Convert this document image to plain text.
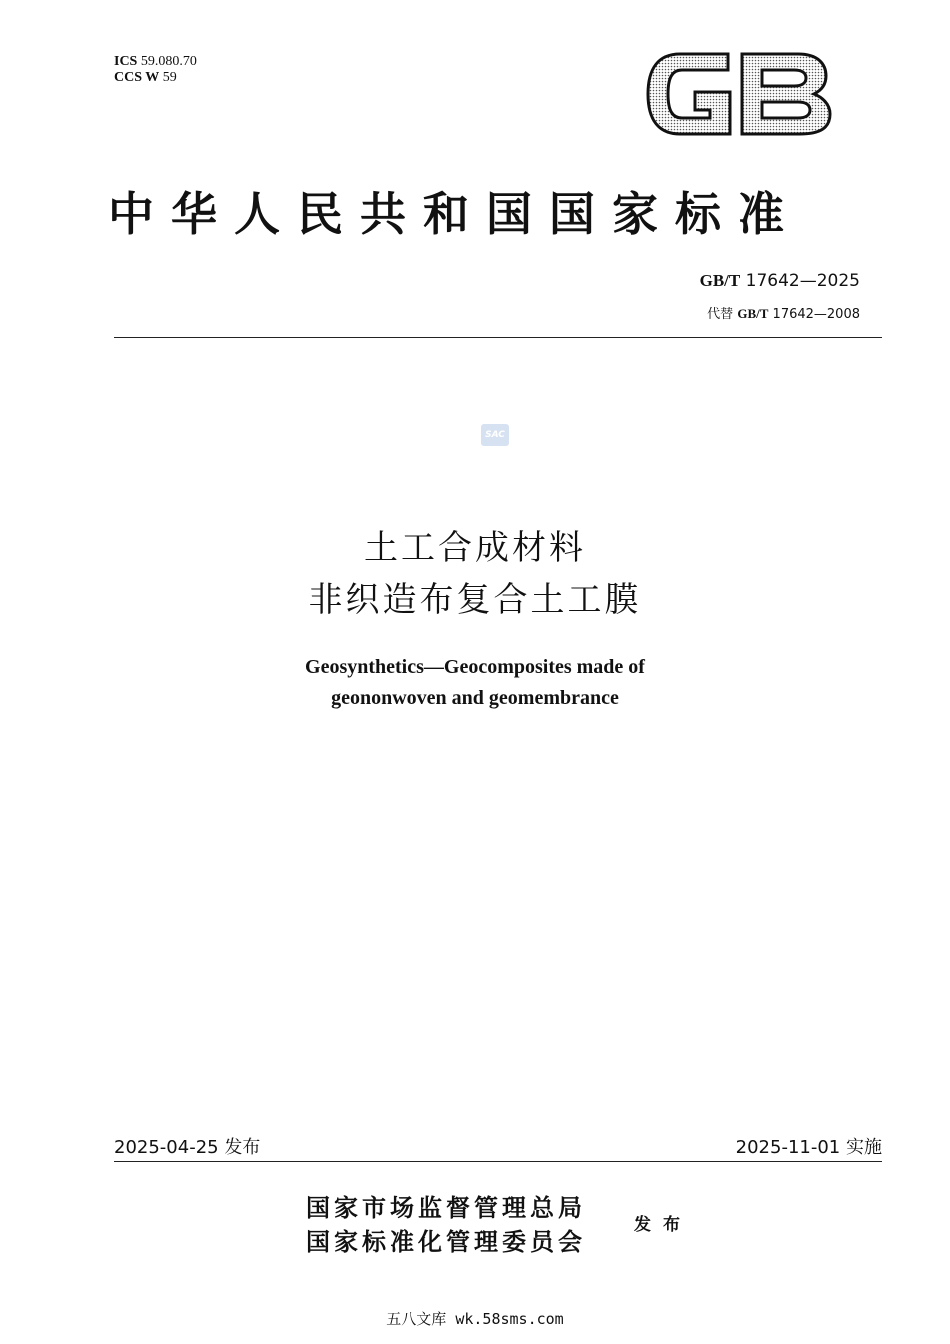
ICS 59.080.70
CCS W 59
GB
中华人民共和国国家标准
GB/T 17642—2025
代替 GB/T 17642—2008
SAC
土工合成材料
非织造布复合土工膜
Geosynthetics—Geocomposites made of
geononwoven and geomembrance
2025-04-25 发布	2025-11-01 实施
国家市场监督管理总局
国家标准化管理委员会
发布
五八文库 wk.58sms.com
